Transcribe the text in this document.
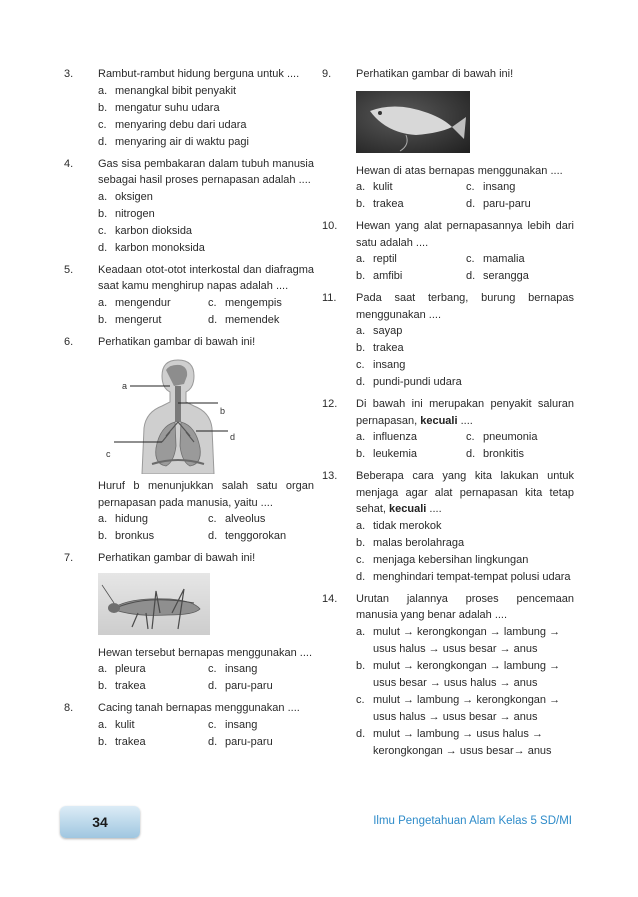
3. Rambut-rambut hidung berguna untuk ....
a. menangkal bibit penyakit
b. mengatur suhu udara
c. menyaring debu dari udara
d. menyaring air di waktu pagi
4. Gas sisa pembakaran dalam tubuh manusia sebagai hasil proses pernapasan adalah ....
a. oksigen
b. nitrogen
c. karbon dioksida
d. karbon monoksida
5. Keadaan otot-otot interkostal dan diafragma saat kamu menghirup napas adalah ....
a. mengendur	c. mengempis
b. mengerut	d. memendek
6. Perhatikan gambar di bawah ini!
a
b
d
c
Huruf b menunjukkan salah satu organ pernapasan pada manusia, yaitu ....
a. hidung	c. alveolus
b. bronkus	d. tenggorokan
7. Perhatikan gambar di bawah ini!
Hewan tersebut bernapas menggunakan ....
a. pleura	c. insang
b. trakea	d. paru-paru
8. Cacing tanah bernapas menggunakan ....
a. kulit	c. insang
b. trakea	d. paru-paru
9. Perhatikan gambar di bawah ini!
Hewan di atas bernapas menggunakan ....
a. kulit	c. insang
b. trakea	d. paru-paru
10. Hewan yang alat pernapasannya lebih dari satu adalah ....
a. reptil	c. mamalia
b. amfibi	d. serangga
11. Pada saat terbang, burung bernapas menggunakan ....
a. sayap
b. trakea
c. insang
d. pundi-pundi udara
12. Di bawah ini merupakan penyakit saluran pernapasan, kecuali ....
a. influenza	c. pneumonia
b. leukemia	d. bronkitis
13. Beberapa cara yang kita lakukan untuk menjaga agar alat pernapasan kita tetap sehat, kecuali ....
a. tidak merokok
b. malas berolahraga
c. menjaga kebersihan lingkungan
d. menghindari tempat-tempat polusi udara
14. Urutan jalannya proses pencemaan manusia yang benar adalah ....
a. mulut → kerongkongan → lambung → usus halus → usus besar → anus
b. mulut → kerongkongan → lambung → usus besar → usus halus → anus
c. mulut → lambung → kerongkongan → usus halus → usus besar → anus
d. mulut → lambung → usus halus → kerongkongan → usus besar→ anus
34	Ilmu Pengetahuan Alam Kelas 5 SD/MI
